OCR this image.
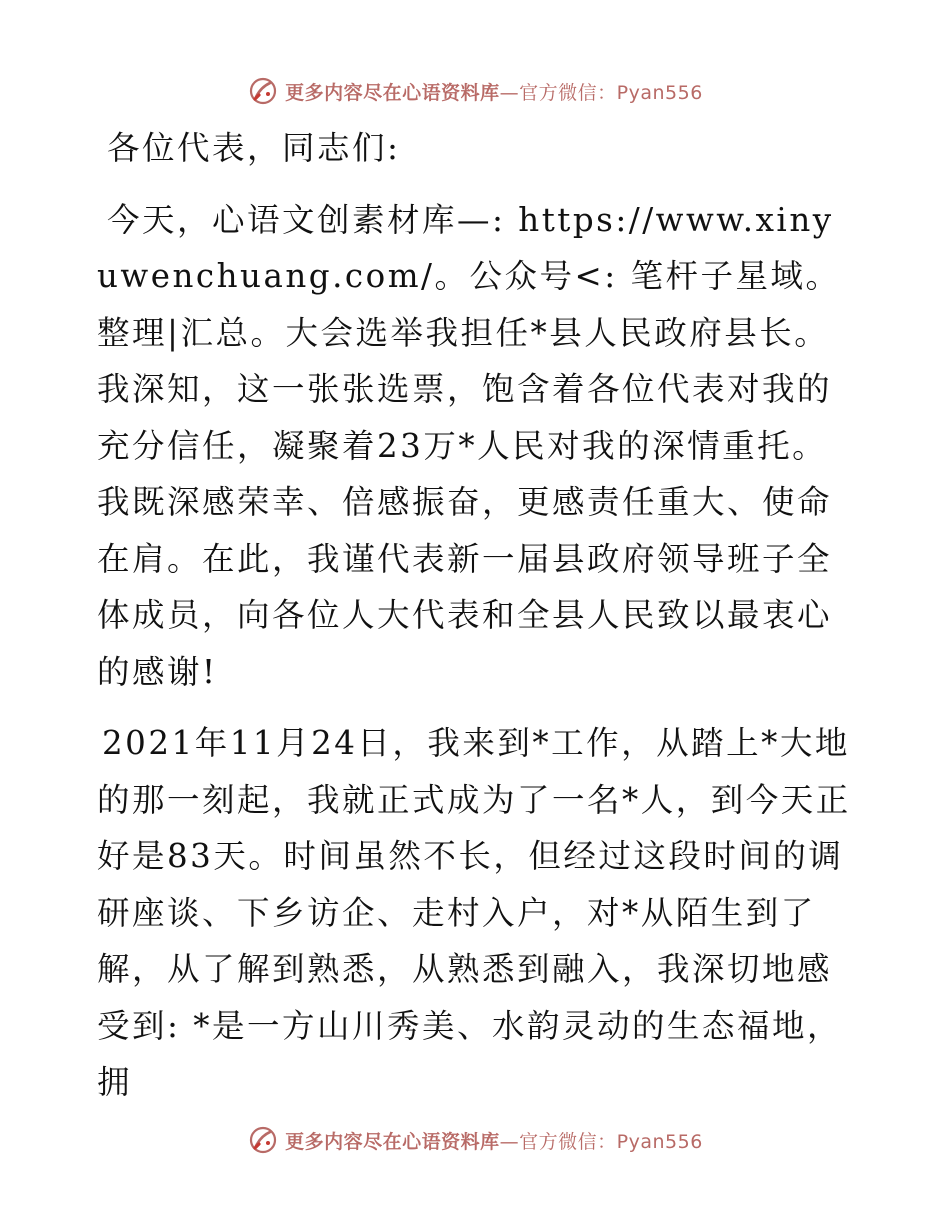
更多内容尽在心语资料库—官方微信：Pyan556

各位代表，同志们:

今天，心语文创素材库—: https://www.xinyuwenchuang.com/。公众号<: 笔杆子星域。整理|汇总。大会选举我担任*县人民政府县长。我深知，这一张张选票，饱含着各位代表对我的充分信任，凝聚着23万*人民对我的深情重托。我既深感荣幸、倍感振奋，更感责任重大、使命在肩。在此，我谨代表新一届县政府领导班子全体成员，向各位人大代表和全县人民致以最衷心的感谢!

2021年11月24日，我来到*工作，从踏上*大地的那一刻起，我就正式成为了一名*人，到今天正好是83天。时间虽然不长，但经过这段时间的调研座谈、下乡访企、走村入户，对*从陌生到了解，从了解到熟悉，从熟悉到融入，我深切地感受到: *是一方山川秀美、水韵灵动的生态福地，拥

更多内容尽在心语资料库—官方微信：Pyan556
